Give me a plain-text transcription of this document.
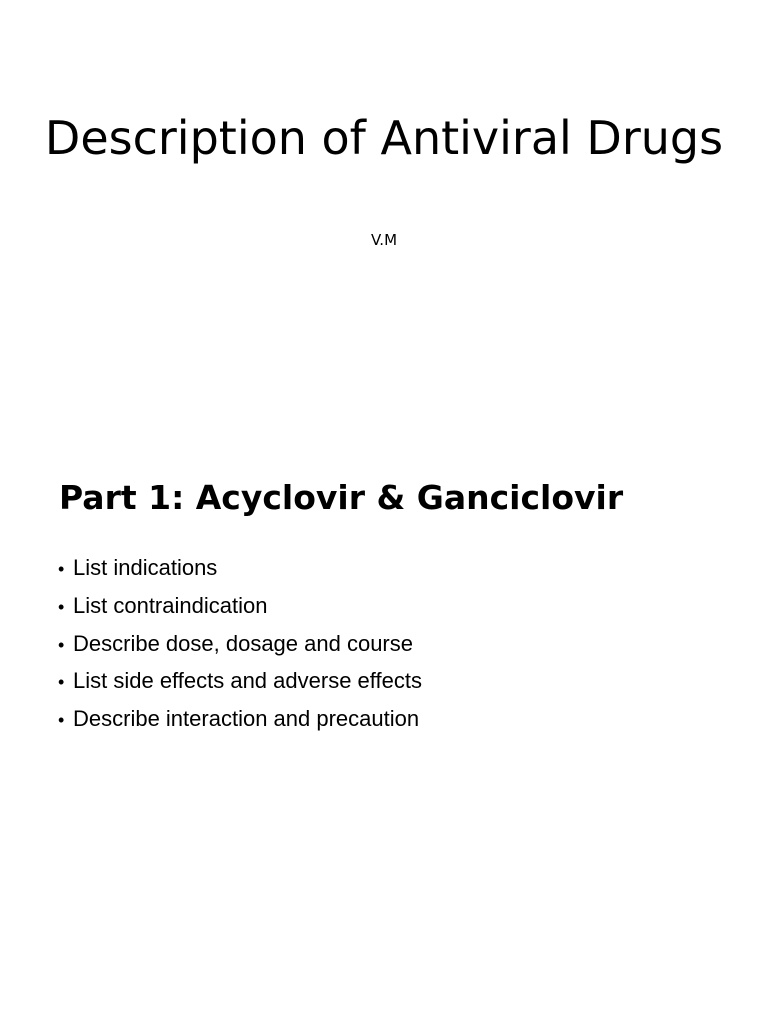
Description of Antiviral Drugs
V.M
Part 1: Acyclovir & Ganciclovir
• List indications
• List contraindication
• Describe dose, dosage and course
• List side effects and adverse effects
• Describe interaction and precaution
